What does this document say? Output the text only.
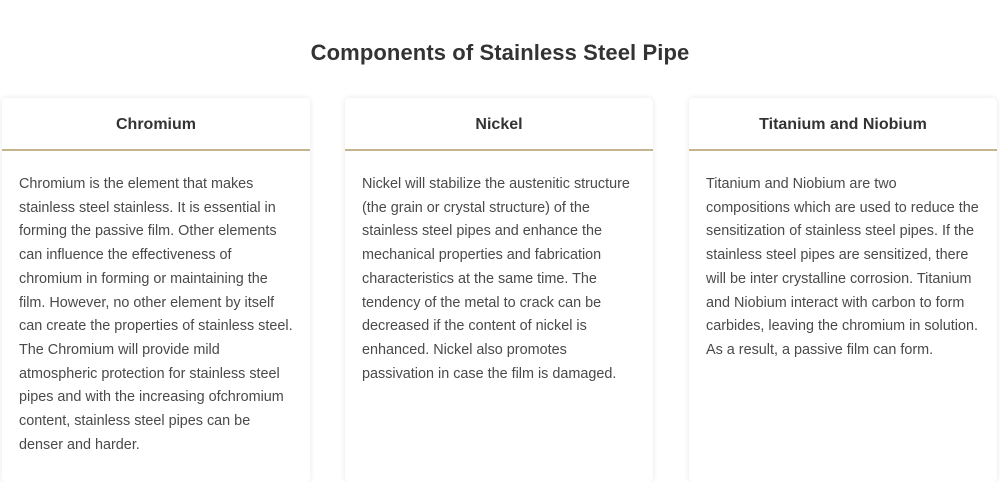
Components of Stainless Steel Pipe
Chromium

Chromium is the element that makes stainless steel stainless. It is essential in forming the passive film. Other elements can influence the effectiveness of chromium in forming or maintaining the film. However, no other element by itself can create the properties of stainless steel. The Chromium will provide mild atmospheric protection for stainless steel pipes and with the increasing ofchromium content, stainless steel pipes can be denser and harder.

Nickel

Nickel will stabilize the austenitic structure (the grain or crystal structure) of the stainless steel pipes and enhance the mechanical properties and fabrication characteristics at the same time. The tendency of the metal to crack can be decreased if the content of nickel is enhanced. Nickel also promotes passivation in case the film is damaged.

Titanium and Niobium

Titanium and Niobium are two compositions which are used to reduce the sensitization of stainless steel pipes. If the stainless steel pipes are sensitized, there will be inter crystalline corrosion. Titanium and Niobium interact with carbon to form carbides, leaving the chromium in solution. As a result, a passive film can form.
